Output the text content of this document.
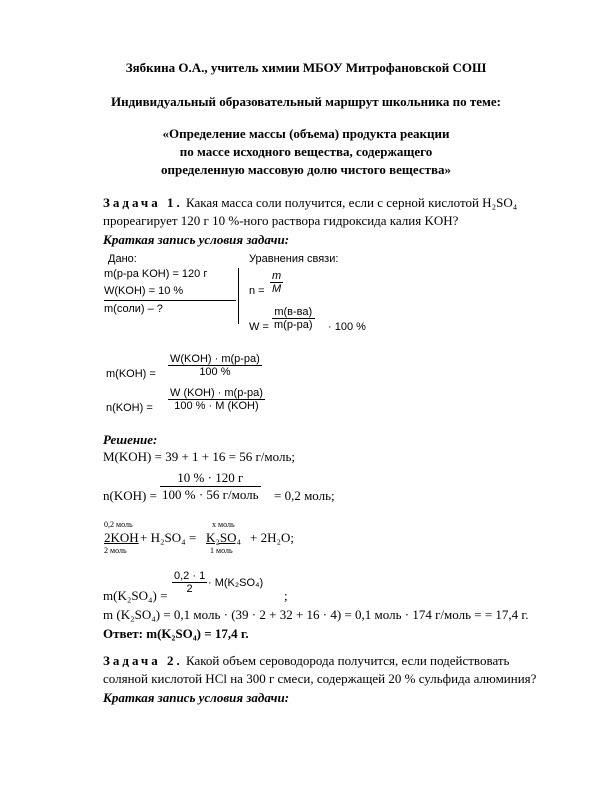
Зябкина О.А., учитель химии МБОУ Митрофановской СОШ
Индивидуальный образовательный маршрут школьника по теме:
«Определение массы (объема) продукта реакции
по массе исходного вещества, содержащего
определенную массовую долю чистого вещества»
Задача 1. Какая масса соли получится, если с серной кислотой H₂SO₄
прореагирует 120 г 10 %-ного раствора гидроксида калия KOH?
Краткая запись условия задачи:
Дано:
m(р-ра KOH) = 120 г
W(KOH) = 10 %
m(соли) – ?
Уравнения связи:
$n = \frac{m}{M}$
W =
m(в-ва)
m(р-ра) · 100 %
m(KOH) =
W(KOH) · m(р-ра)
100 %
n(KOH) =
W (KOH) · m(р-ра)
100 % · M (KOH)
Решение:
M(KOH) = 39 + 1 + 16 = 56 г/моль;
n(KOH) =
10 % · 120 г
100 % · 56 г/моль = 0,2 моль;
0,2 моль	x моль
2KOH + H₂SO₄ = K₂SO₄ + 2H₂O;
2 моль	1 моль
m(K₂SO₄) =
$\frac{0,2 \cdot 1}{2} \cdot M(K_2SO_4)$
;
m (K₂SO₄) = 0,1 моль · (39 · 2 + 32 + 16 · 4) = 0,1 моль · 174 г/моль = = 17,4 г.
Ответ: m(K₂SO₄) = 17,4 г.
Задача 2. Какой объем сероводорода получится, если подействовать
соляной кислотой HCl на 300 г смеси, содержащей 20 % сульфида алюминия?
Краткая запись условия задачи:
